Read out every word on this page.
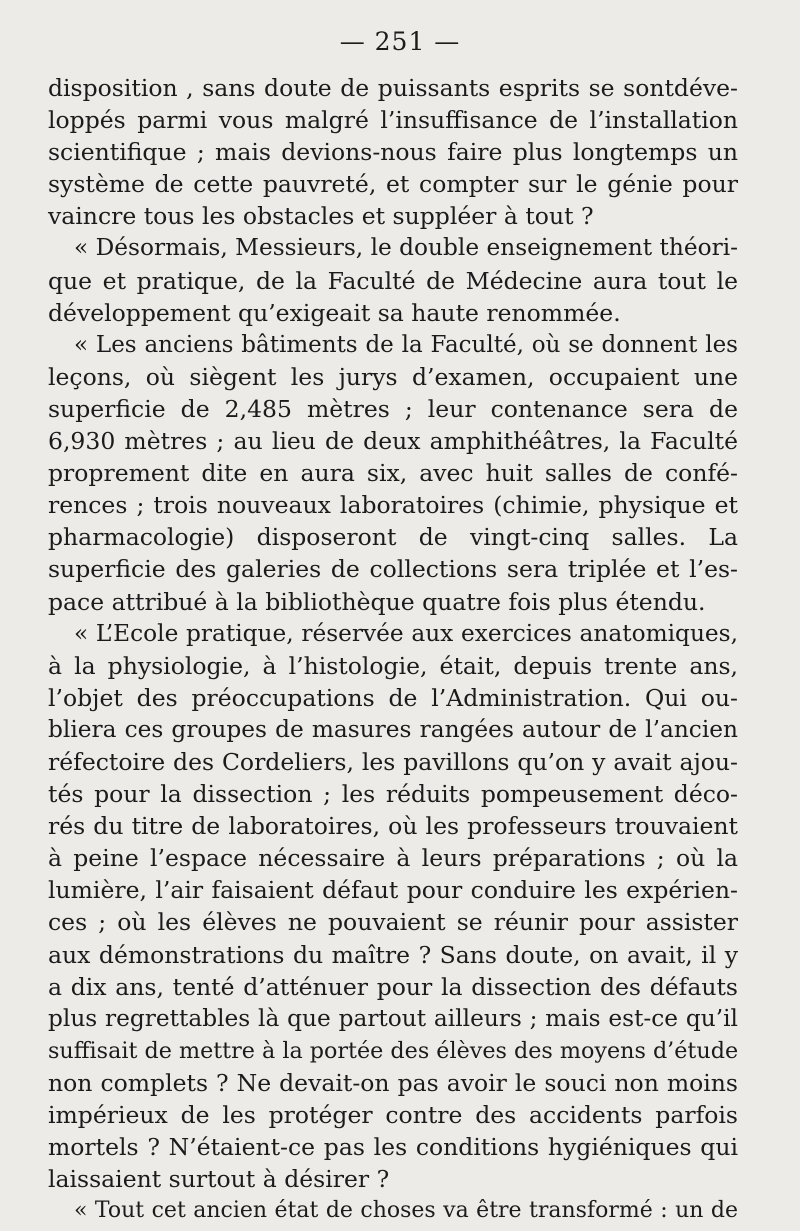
— 251 —
disposition , sans doute de puissants esprits se sontdéve-
loppés parmi vous malgré l’insuffisance de l’installation
scientifique ; mais devions-nous faire plus longtemps un
système de cette pauvreté, et compter sur le génie pour
vaincre tous les obstacles et suppléer à tout ?
« Désormais, Messieurs, le double enseignement théori-
que et pratique, de la Faculté de Médecine aura tout le
développement qu’exigeait sa haute renommée.
« Les anciens bâtiments de la Faculté, où se donnent les
leçons, où siègent les jurys d’examen, occupaient une
superficie de 2,485 mètres ; leur contenance sera de
6,930 mètres ; au lieu de deux amphithéâtres, la Faculté
proprement dite en aura six, avec huit salles de confé-
rences ; trois nouveaux laboratoires (chimie, physique et
pharmacologie) disposeront de vingt-cinq salles. La
superficie des galeries de collections sera triplée et l’es-
pace attribué à la bibliothèque quatre fois plus étendu.
« L’Ecole pratique, réservée aux exercices anatomiques,
à la physiologie, à l’histologie, était, depuis trente ans,
l’objet des préoccupations de l’Administration. Qui ou-
bliera ces groupes de masures rangées autour de l’ancien
réfectoire des Cordeliers, les pavillons qu’on y avait ajou-
tés pour la dissection ; les réduits pompeusement déco-
rés du titre de laboratoires, où les professeurs trouvaient
à peine l’espace nécessaire à leurs préparations ; où la
lumière, l’air faisaient défaut pour conduire les expérien-
ces ; où les élèves ne pouvaient se réunir pour assister
aux démonstrations du maître ? Sans doute, on avait, il y
a dix ans, tenté d’atténuer pour la dissection des défauts
plus regrettables là que partout ailleurs ; mais est-ce qu’il
suffisait de mettre à la portée des élèves des moyens d’étude
non complets ? Ne devait-on pas avoir le souci non moins
impérieux de les protéger contre des accidents parfois
mortels ? N’étaient-ce pas les conditions hygiéniques qui
laissaient surtout à désirer ?
« Tout cet ancien état de choses va être transformé : un de
